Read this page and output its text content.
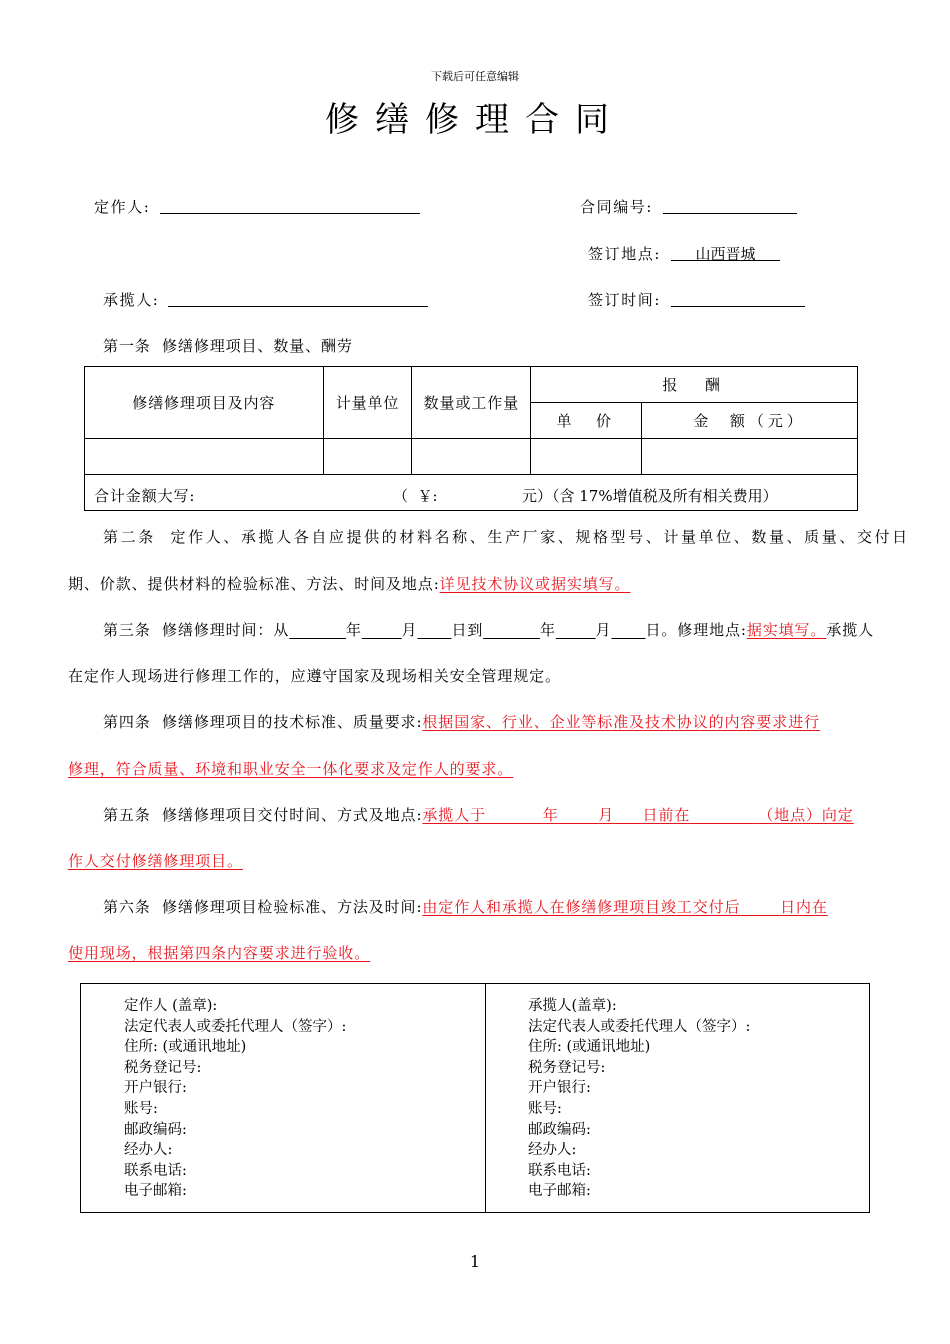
下载后可任意编辑
修缮修理合同
定作人:	合同编号:
签订地点:	山西晋城
承揽人:	签订时间:
第一条  修缮修理项目、数量、酬劳
修缮修理项目及内容	计量单位	数量或工作量	报  酬	
			单  价	金  额（元）

合计金额大写: （  ￥: 元）（含 17%增值税及所有相关费用）				
第二条  定作人、承揽人各自应提供的材料名称、生产厂家、规格型号、计量单位、数量、质量、交付日
期、价款、提供材料的检验标准、方法、时间及地点:详见技术协议或据实填写。
第三条  修缮修理时间：从	年	月 日到	年	月 日。修理地点:据实填写。承揽人
在定作人现场进行修理工作的，应遵守国家及现场相关安全管理规定。
第四条  修缮修理项目的技术标准、质量要求:根据国家、行业、企业等标准及技术协议的内容要求进行
修理，符合质量、环境和职业安全一体化要求及定作人的要求。
第五条  修缮修理项目交付时间、方式及地点:承揽人于	年	月 日前在	（地点）向定
作人交付修缮修理项目。
第六条  修缮修理项目检验标准、方法及时间:由定作人和承揽人在修缮修理项目竣工交付后	日内在
使用现场，根据第四条内容要求进行验收。
定作人 (盖章):
法定代表人或委托代理人（签字）:
住所: (或通讯地址)
税务登记号:
开户银行:
账号:
邮政编码:
经办人:
联系电话:
电子邮箱:
承揽人(盖章):
法定代表人或委托代理人（签字）:
住所: (或通讯地址)
税务登记号:
开户银行:
账号:
邮政编码:
经办人:
联系电话:
电子邮箱:
1
